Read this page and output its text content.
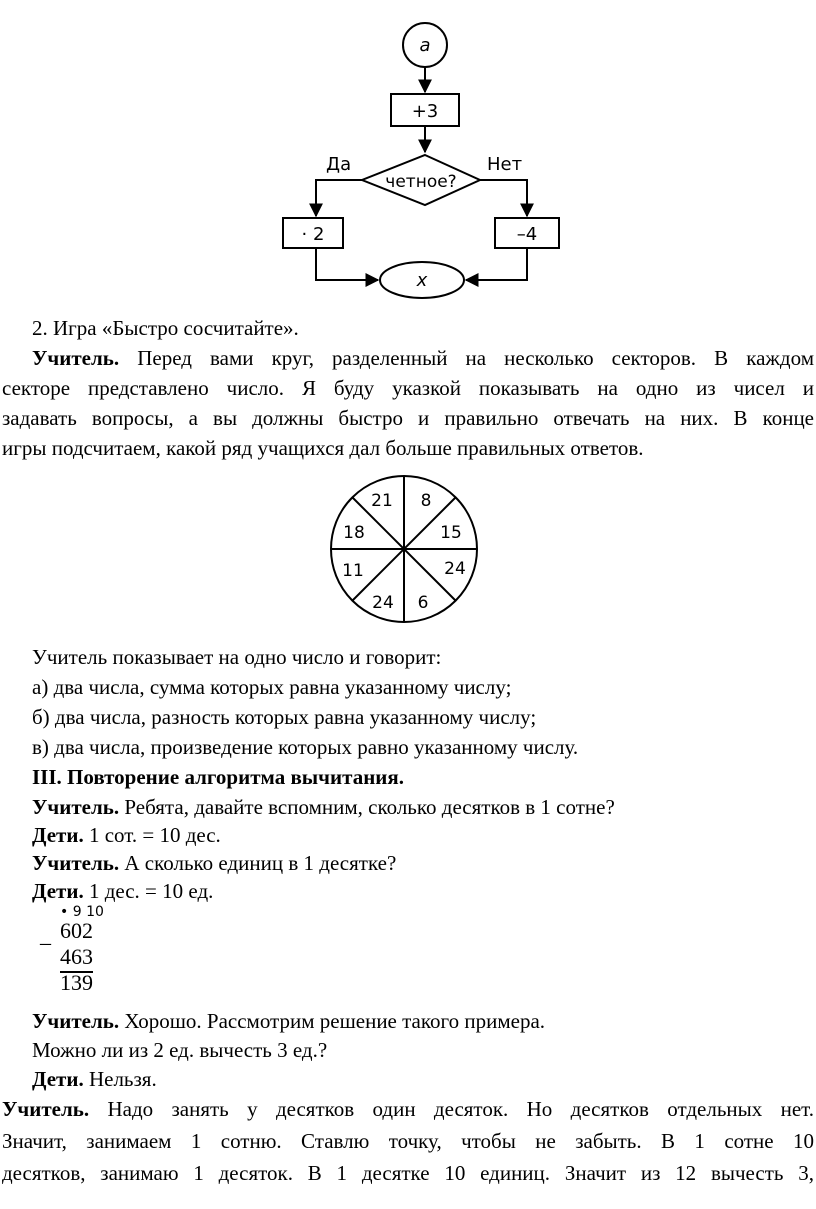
a
+3
четное?
Да	Нет
· 2	–4
x
2. Игра «Быстро сосчитайте».
Учитель. Перед вами круг, разделенный на несколько секторов. В каждом
секторе представлено число. Я буду указкой показывать на одно из чисел и
задавать вопросы, а вы должны быстро и правильно отвечать на них. В конце
игры подсчитаем, какой ряд учащихся дал больше правильных ответов.
21 8
15
24
6
24
11
18
Учитель показывает на одно число и говорит:
а) два числа, сумма которых равна указанному числу;
б) два числа, разность которых равна указанному числу;
в) два числа, произведение которых равно указанному числу.
III. Повторение алгоритма вычитания.
Учитель. Ребята, давайте вспомним, сколько десятков в 1 сотне?
Дети. 1 сот. = 10 дес.
Учитель. А сколько единиц в 1 десятке?
Дети. 1 дес. = 10 ед.
• 9 10
_ 602
463
139
Учитель. Хорошо. Рассмотрим решение такого примера.
Можно ли из 2 ед. вычесть 3 ед.?
Дети. Нельзя.
Учитель. Надо занять у десятков один десяток. Но десятков отдельных нет.
Значит, занимаем 1 сотню. Ставлю точку, чтобы не забыть. В 1 сотне 10
десятков, занимаю 1 десяток. В 1 десятке 10 единиц. Значит из 12 вычесть 3,
